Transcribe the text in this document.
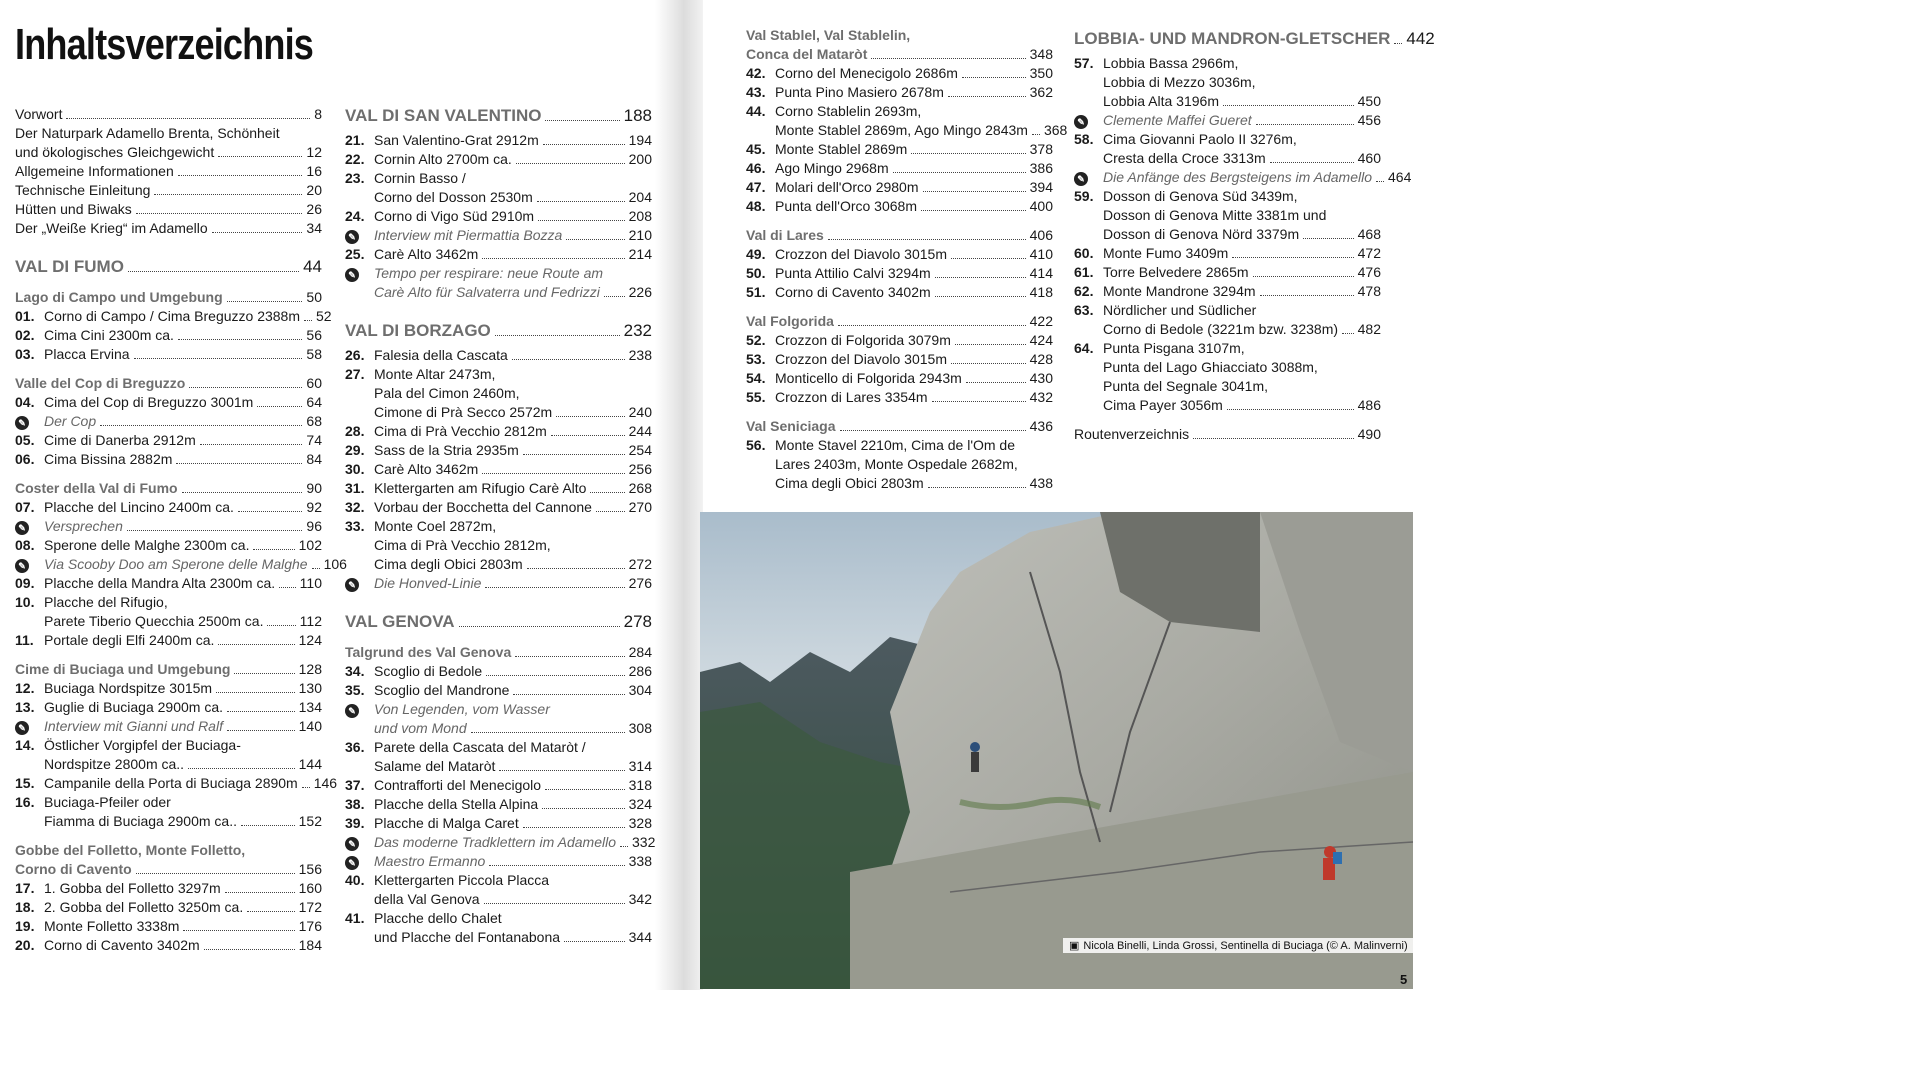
Inhaltsverzeichnis
Vorwort	8
Der Naturpark Adamello Brenta, Schönheit
und ökologisches Gleichgewicht	12
Allgemeine Informationen	16
Technische Einleitung	20
Hütten und Biwaks	26
Der „Weiße Krieg“ im Adamello	34
VAL DI FUMO	44
Lago di Campo und Umgebung	50
01. Corno di Campo / Cima Breguzzo 2388m 52
02. Cima Cini 2300m ca.	56
03. Placca Ervina	58
Valle del Cop di Breguzzo	60
04. Cima del Cop di Breguzzo 3001m	64
✎	Der Cop	68
05. Cime di Danerba 2912m	74
06. Cima Bissina 2882m	84
Coster della Val di Fumo	90
07. Placche del Lincino 2400m ca.	92
✎	Versprechen	96
08. Sperone delle Malghe 2300m ca.	102
✎	Via Scooby Doo am Sperone delle Malghe 106
09. Placche della Mandra Alta 2300m ca. 110
10. Placche del Rifugio,
Parete Tiberio Quecchia 2500m ca.	112
11. Portale degli Elfi 2400m ca.	124
Cime di Buciaga und Umgebung	128
12. Buciaga Nordspitze 3015m	130
13. Guglie di Buciaga 2900m ca.	134
✎	Interview mit Gianni und Ralf	140
14. Östlicher Vorgipfel der Buciaga-
Nordspitze 2800m ca..	144
15. Campanile della Porta di Buciaga 2890m 146
16. Buciaga-Pfeiler oder
Fiamma di Buciaga 2900m ca..	152
Gobbe del Folletto, Monte Folletto,
Corno di Cavento	156
17. 1. Gobba del Folletto 3297m	160
18. 2. Gobba del Folletto 3250m ca.	172
19. Monte Folletto 3338m	176
20. Corno di Cavento 3402m	184
VAL DI SAN VALENTINO	188
21. San Valentino-Grat 2912m	194
22. Cornin Alto 2700m ca.	200
23. Cornin Basso /
Corno del Dosson 2530m	204
24. Corno di Vigo Süd 2910m	208
✎	Interview mit Piermattia Bozza	210
25. Carè Alto 3462m	214
✎	Tempo per respirare: neue Route am
Carè Alto für Salvaterra und Fedrizzi 226
VAL DI BORZAGO	232
26. Falesia della Cascata	238
27. Monte Altar 2473m,
Pala del Cimon 2460m,
Cimone di Prà Secco 2572m	240
28. Cima di Prà Vecchio 2812m	244
29. Sass de la Stria 2935m	254
30. Carè Alto 3462m	256
31. Klettergarten am Rifugio Carè Alto	268
32. Vorbau der Bocchetta del Cannone	270
33. Monte Coel 2872m,
Cima di Prà Vecchio 2812m,
Cima degli Obici 2803m	272
✎	Die Honved-Linie	276
VAL GENOVA	278
Talgrund des Val Genova	284
34. Scoglio di Bedole	286
35. Scoglio del Mandrone	304
✎	Von Legenden, vom Wasser
und vom Mond	308
36. Parete della Cascata del Mataròt /
Salame del Mataròt	314
37. Contrafforti del Menecigolo	318
38. Placche della Stella Alpina	324
39. Placche di Malga Caret	328
✎	Das moderne Tradklettern im Adamello 332
✎	Maestro Ermanno	338
40. Klettergarten Piccola Placca
della Val Genova	342
41. Placche dello Chalet
und Placche del Fontanabona	344
Val Stablel, Val Stablelin,
Conca del Mataròt	348
42. Corno del Menecigolo 2686m	350
43. Punta Pino Masiero 2678m	362
44. Corno Stablelin 2693m,
Monte Stablel 2869m, Ago Mingo 2843m 368
45. Monte Stablel 2869m	378
46. Ago Mingo 2968m	386
47. Molari dell'Orco 2980m	394
48. Punta dell'Orco 3068m	400
Val di Lares	406
49. Crozzon del Diavolo 3015m	410
50. Punta Attilio Calvi 3294m	414
51. Corno di Cavento 3402m	418
Val Folgorida	422
52. Crozzon di Folgorida 3079m	424
53. Crozzon del Diavolo 3015m	428
54. Monticello di Folgorida 2943m	430
55. Crozzon di Lares 3354m	432
Val Seniciaga	436
56. Monte Stavel 2210m, Cima de l'Om de
Lares 2403m, Monte Ospedale 2682m,
Cima degli Obici 2803m	438
LOBBIA- UND MANDRON-GLETSCHER 442
57. Lobbia Bassa 2966m,
Lobbia di Mezzo 3036m,
Lobbia Alta 3196m	450
✎	Clemente Maffei Gueret	456
58. Cima Giovanni Paolo II 3276m,
Cresta della Croce 3313m	460
✎	Die Anfänge des Bergsteigens im Adamello 464
59. Dosson di Genova Süd 3439m,
Dosson di Genova Mitte 3381m und
Dosson di Genova Nörd 3379m	468
60. Monte Fumo 3409m	472
61. Torre Belvedere 2865m	476
62. Monte Mandrone 3294m	478
63. Nördlicher und Südlicher
Corno di Bedole (3221m bzw. 3238m) 482
64. Punta Pisgana 3107m,
Punta del Lago Ghiacciato 3088m,
Punta del Segnale 3041m,
Cima Payer 3056m	486
Routenverzeichnis	490
▣ Nicola Binelli, Linda Grossi, Sentinella di Buciaga (© A. Malinverni)
5
